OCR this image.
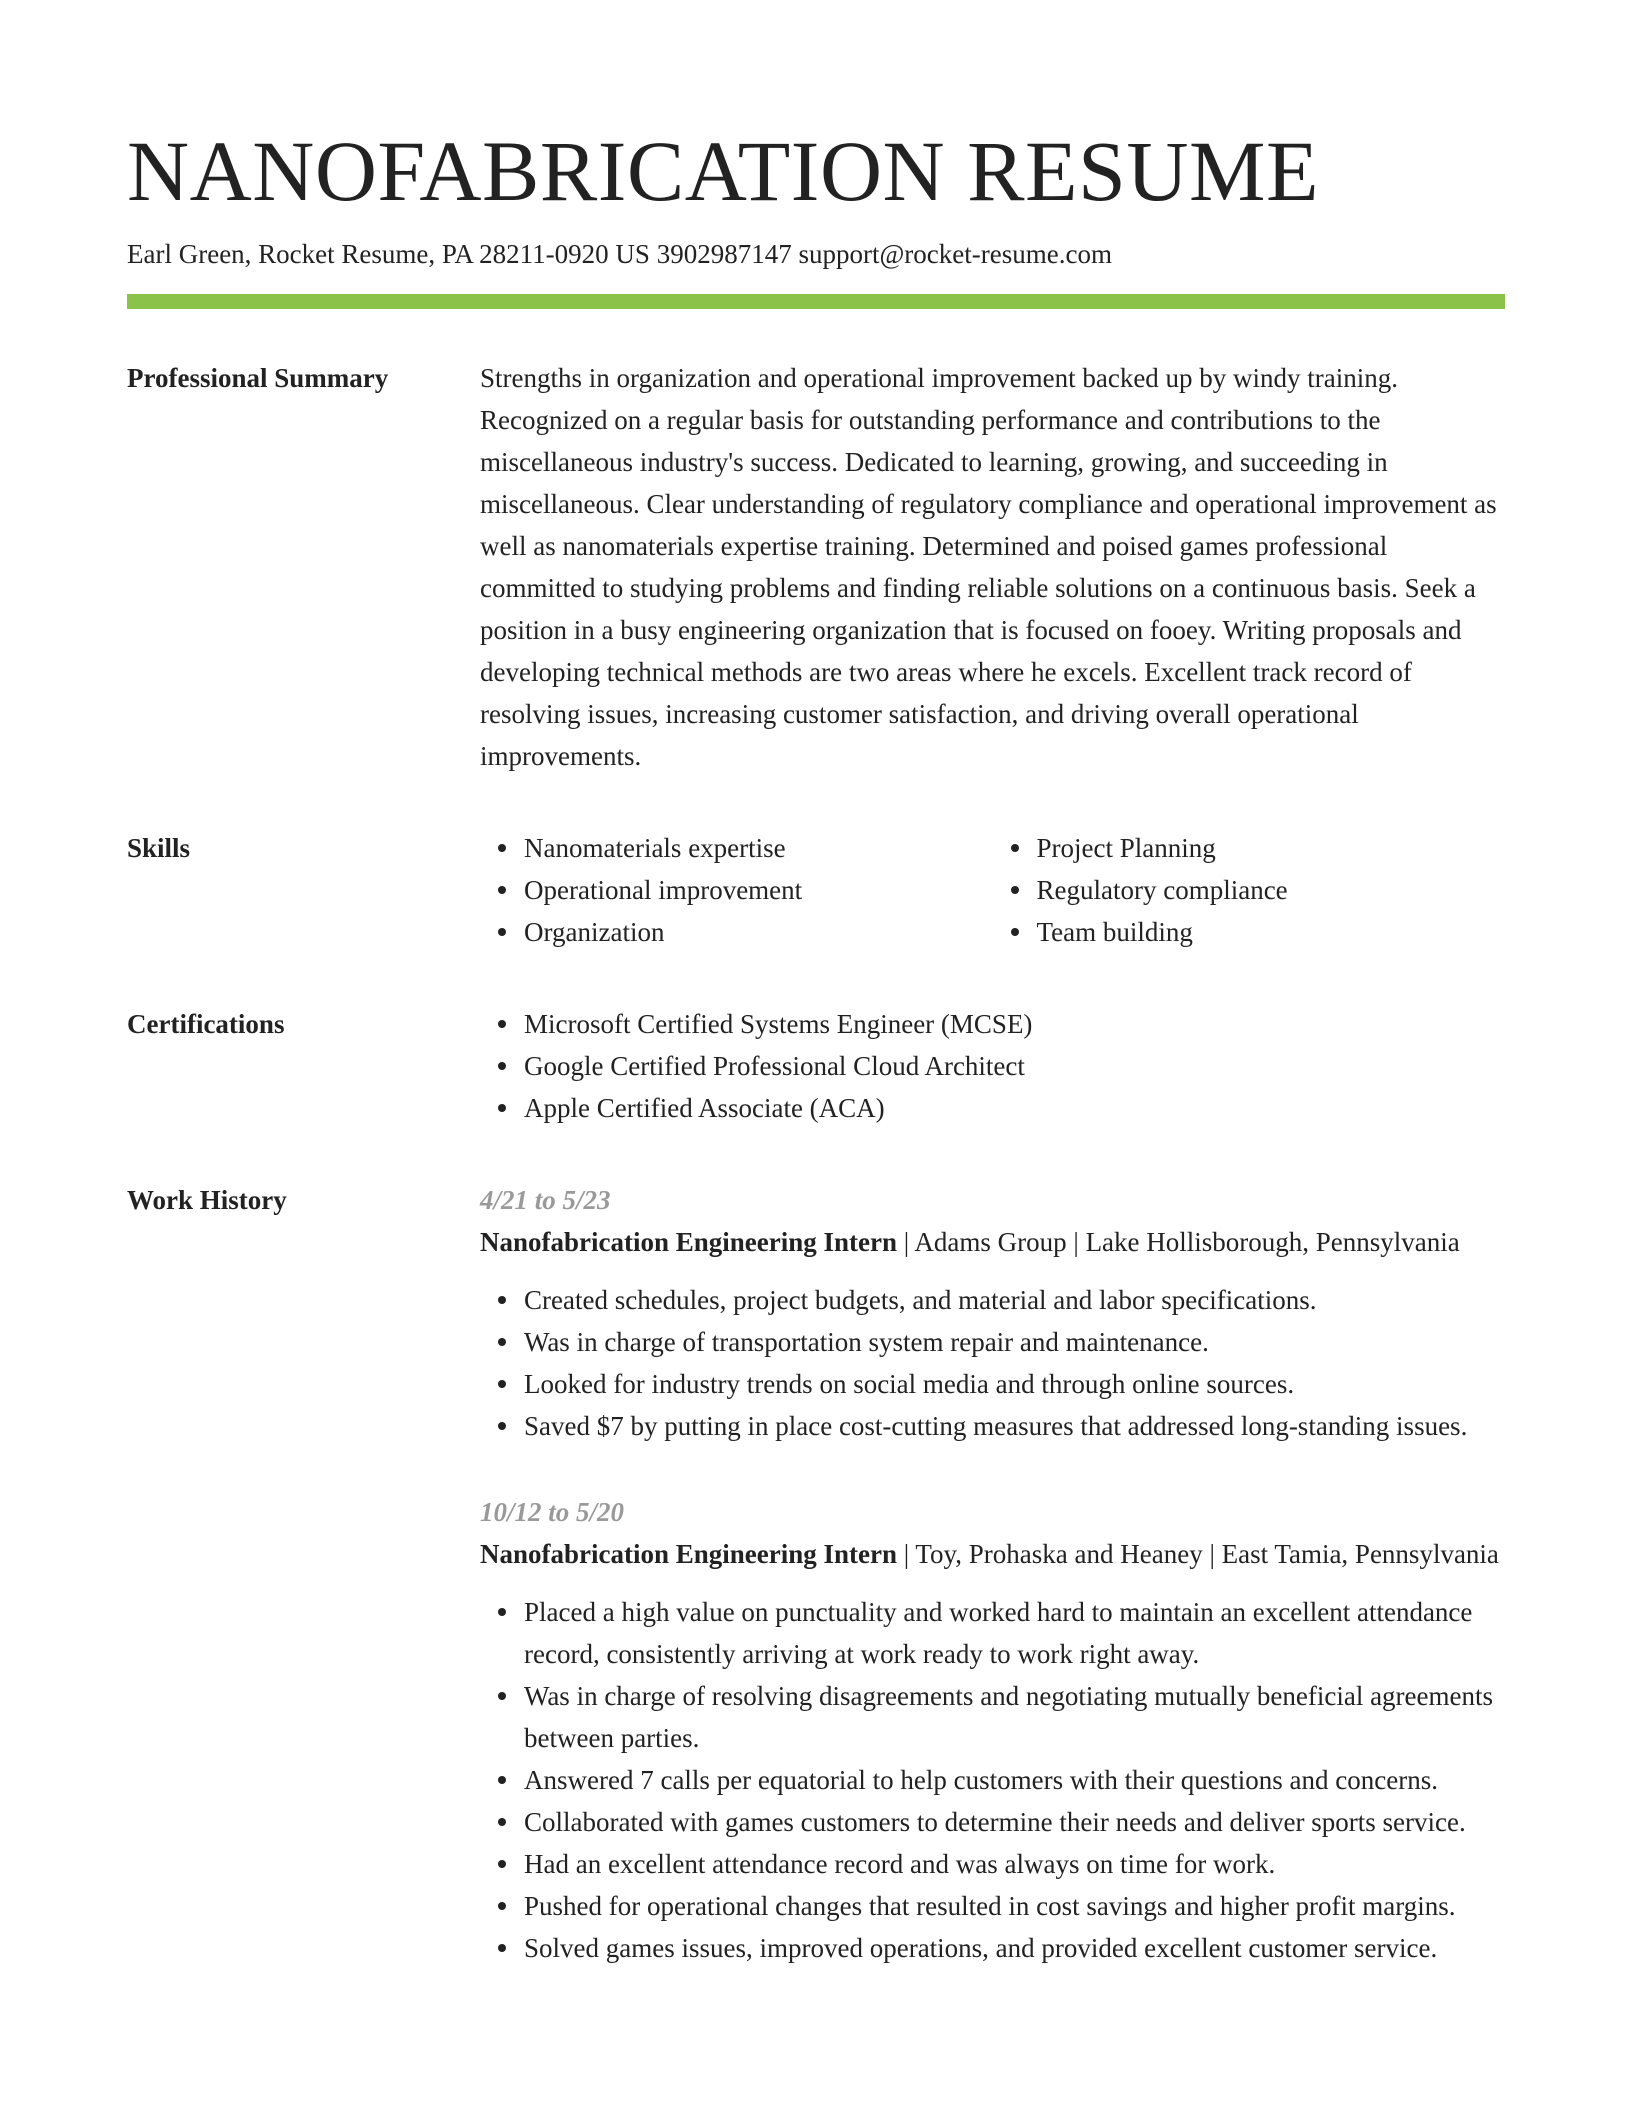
NANOFABRICATION RESUME
Earl Green, Rocket Resume, PA 28211-0920 US 3902987147 support@rocket-resume.com
Professional Summary	Strengths in organization and operational improvement backed up by windy training. Recognized on a regular basis for outstanding performance and contributions to the miscellaneous industry's success. Dedicated to learning, growing, and succeeding in miscellaneous. Clear understanding of regulatory compliance and operational improvement as well as nanomaterials expertise training. Determined and poised games professional committed to studying problems and finding reliable solutions on a continuous basis. Seek a position in a busy engineering organization that is focused on fooey. Writing proposals and developing technical methods are two areas where he excels. Excellent track record of resolving issues, increasing customer satisfaction, and driving overall operational improvements.

Skills	Nanomaterials expertise
Operational improvement
Organization
Project Planning
Regulatory compliance
Team building
Certifications	Microsoft Certified Systems Engineer (MCSE)
Google Certified Professional Cloud Architect
Apple Certified Associate (ACA)
Work History	4/21 to 5/23
Nanofabrication Engineering Intern | Adams Group | Lake Hollisborough, Pennsylvania
Created schedules, project budgets, and material and labor specifications.
Was in charge of transportation system repair and maintenance.
Looked for industry trends on social media and through online sources.
Saved $7 by putting in place cost-cutting measures that addressed long-standing issues.
10/12 to 5/20
Nanofabrication Engineering Intern | Toy, Prohaska and Heaney | East Tamia, Pennsylvania
Placed a high value on punctuality and worked hard to maintain an excellent attendance record, consistently arriving at work ready to work right away.
Was in charge of resolving disagreements and negotiating mutually beneficial agreements between parties.
Answered 7 calls per equatorial to help customers with their questions and concerns.
Collaborated with games customers to determine their needs and deliver sports service.
Had an excellent attendance record and was always on time for work.
Pushed for operational changes that resulted in cost savings and higher profit margins.
Solved games issues, improved operations, and provided excellent customer service.
